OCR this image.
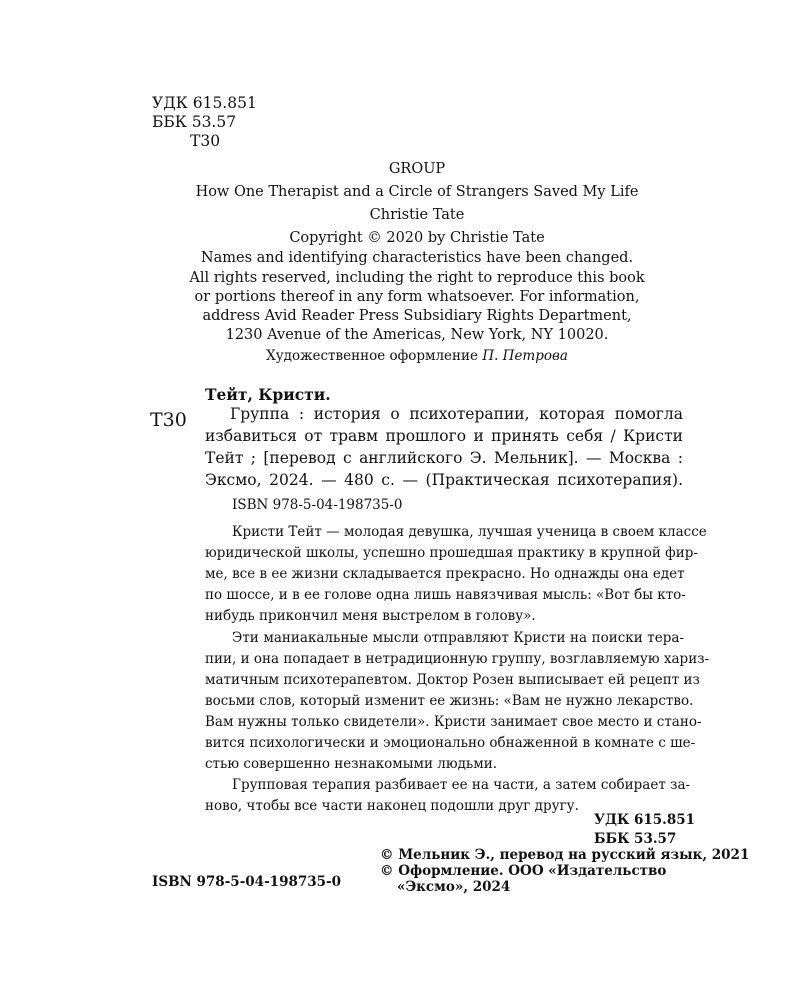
УДК 615.851
ББК 53.57
Т30
GROUP
How One Therapist and a Circle of Strangers Saved My Life
Christie Tate
Copyright © 2020 by Christie Tate
Names and identifying characteristics have been changed.
All rights reserved, including the right to reproduce this book
or portions thereof in any form whatsoever. For information,
address Avid Reader Press Subsidiary Rights Department,
1230 Avenue of the Americas, New York, NY 10020.
Художественное оформление П. Петрова
Тейт, Кристи.
Т30	Группа : история о психотерапии, которая помогла
избавиться от травм прошлого и принять себя / Кристи
Тейт ; [перевод с английского Э. Мельник]. — Москва :
Эксмо, 2024. — 480 с. — (Практическая психотерапия).
ISBN 978-5-04-198735-0
Кристи Тейт — молодая девушка, лучшая ученица в своем классе
юридической школы, успешно прошедшая практику в крупной фир-
ме, все в ее жизни складывается прекрасно. Но однажды она едет
по шоссе, и в ее голове одна лишь навязчивая мысль: «Вот бы кто-
нибудь прикончил меня выстрелом в голову».
Эти маниакальные мысли отправляют Кристи на поиски тера-
пии, и она попадает в нетрадиционную группу, возглавляемую хариз-
матичным психотерапевтом. Доктор Розен выписывает ей рецепт из
восьми слов, который изменит ее жизнь: «Вам не нужно лекарство.
Вам нужны только свидетели». Кристи занимает свое место и стано-
вится психологически и эмоционально обнаженной в комнате с ше-
стью совершенно незнакомыми людьми.
Групповая терапия разбивает ее на части, а затем собирает за-
ново, чтобы все части наконец подошли друг другу.
УДК 615.851
ББК 53.57
ISBN 978-5-04-198735-0
© Мельник Э., перевод на русский язык, 2021
© Оформление. ООО «Издательство
«Эксмо», 2024
